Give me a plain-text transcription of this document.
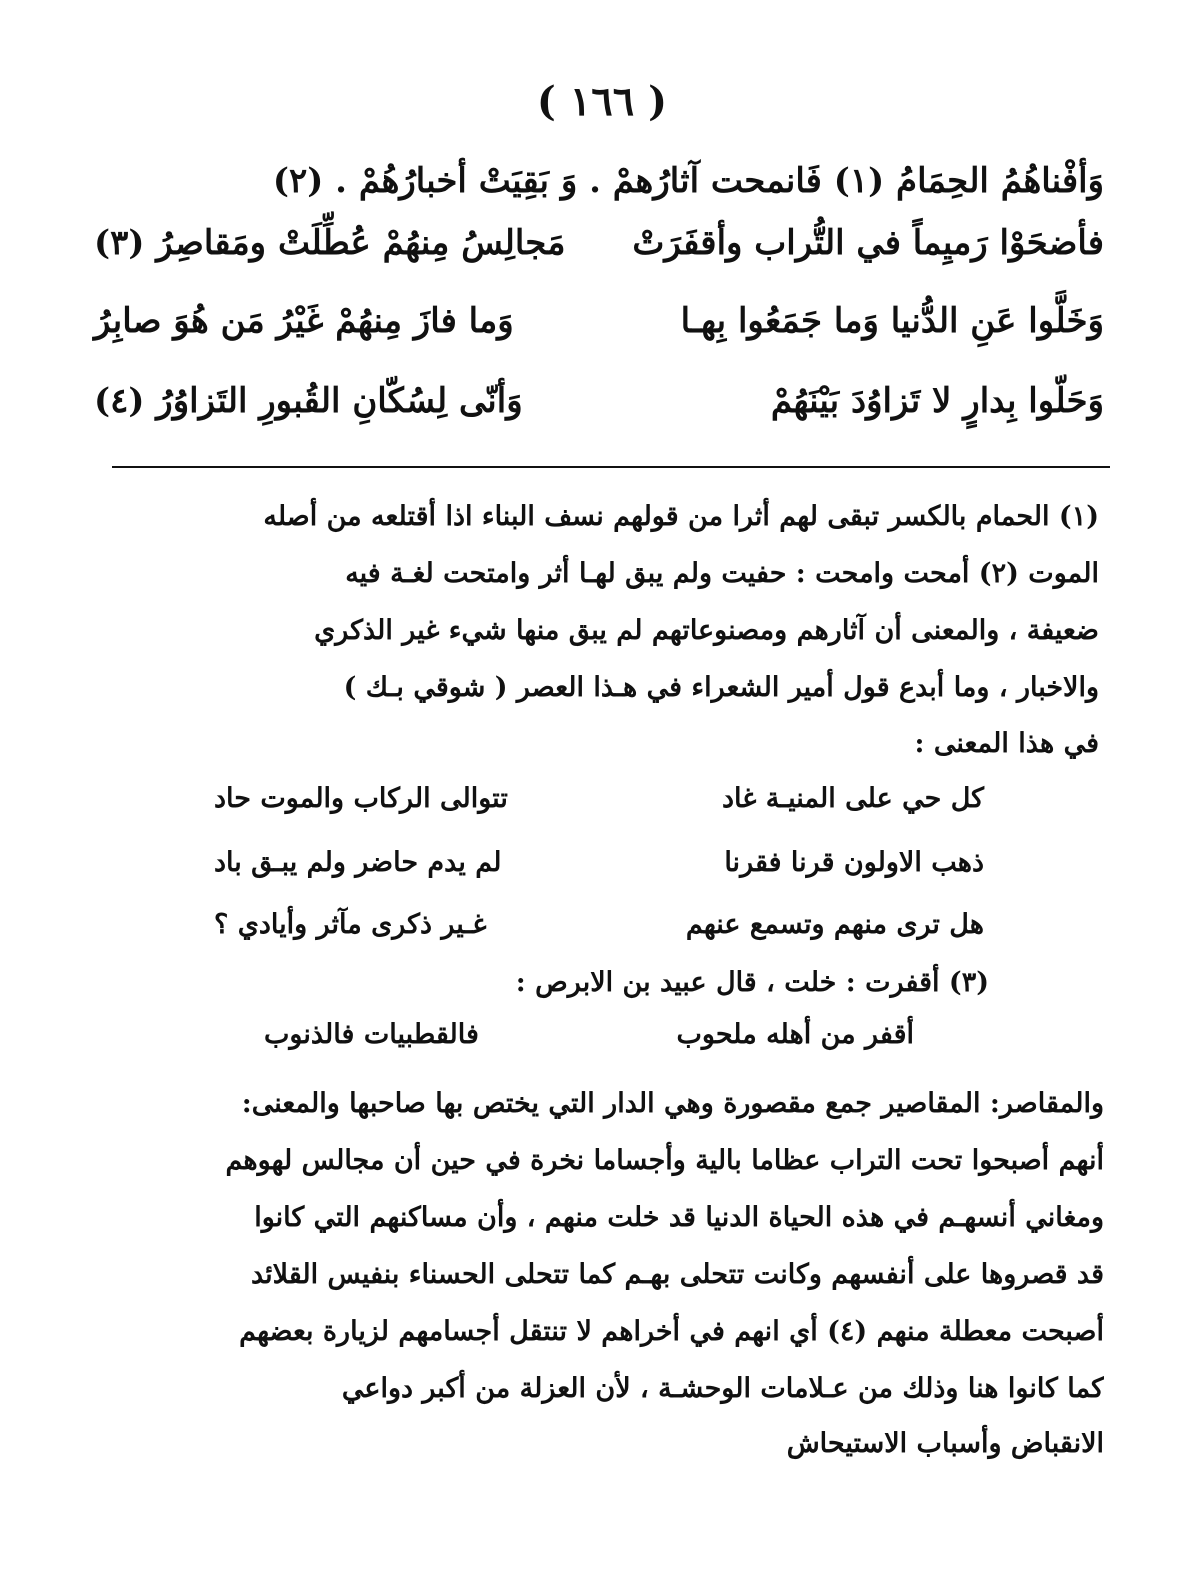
( ١٦٦ )
وَأفْناهُمُ الحِمَامُ (١) فَانمحت آثارُهمْ . وَ بَقِيَتْ أخبارُهُمْ . (٢)
فأضحَوْا رَميِماً في التُّراب وأقفَرَتْ
مَجالِسُ مِنهُمْ عُطِّلَتْ ومَقاصِرُ (٣)
وَخَلَّوا عَنِ الدُّنيا وَما جَمَعُوا بِهـا
وَما فازَ مِنهُمْ غَيْرُ مَن هُوَ صابِرُ
وَحَلّوا بِدارٍ لا تَزاوُدَ بَيْنَهُمْ
وَأنّى لِسُكّانِ القُبورِ التَزاوُرُ (٤)
(١) الحمام بالكسر تبقى لهم أثرا من قولهم نسف البناء اذا أقتلعه من أصله
الموت (٢) أمحت وامحت : حفيت ولم يبق لهـا أثر وامتحت لغـة فيه
ضعيفة ، والمعنى أن آثارهم ومصنوعاتهم لم يبق منها شيء غير الذكري
والاخبار ، وما أبدع قول أمير الشعراء في هـذا العصر ( شوقي بـك )
في هذا المعنى :
كل حي على المنيـة غاد
تتوالى الركاب والموت حاد
ذهب الاولون قرنا فقرنا
لم يدم حاضر ولم يبـق باد
هل ترى منهم وتسمع عنهم
غـير ذكرى مآثر وأيادي ؟
(٣) أقفرت : خلت ، قال عبيد بن الابرص :
أقفر من أهله ملحوب
فالقطبيات فالذنوب
والمقاصر: المقاصير جمع مقصورة وهي الدار التي يختص بها صاحبها والمعنى:
أنهم أصبحوا تحت التراب عظاما بالية وأجساما نخرة في حين أن مجالس لهوهم
ومغاني أنسهـم في هذه الحياة الدنيا قد خلت منهم ، وأن مساكنهم التي كانوا
قد قصروها على أنفسهم وكانت تتحلى بهـم كما تتحلى الحسناء بنفيس القلائد
أصبحت معطلة منهم (٤) أي انهم في أخراهم لا تنتقل أجسامهم لزيارة بعضهم
كما كانوا هنا وذلك من عـلامات الوحشـة ، لأن العزلة من أكبر دواعي
الانقباض وأسباب الاستيحاش
